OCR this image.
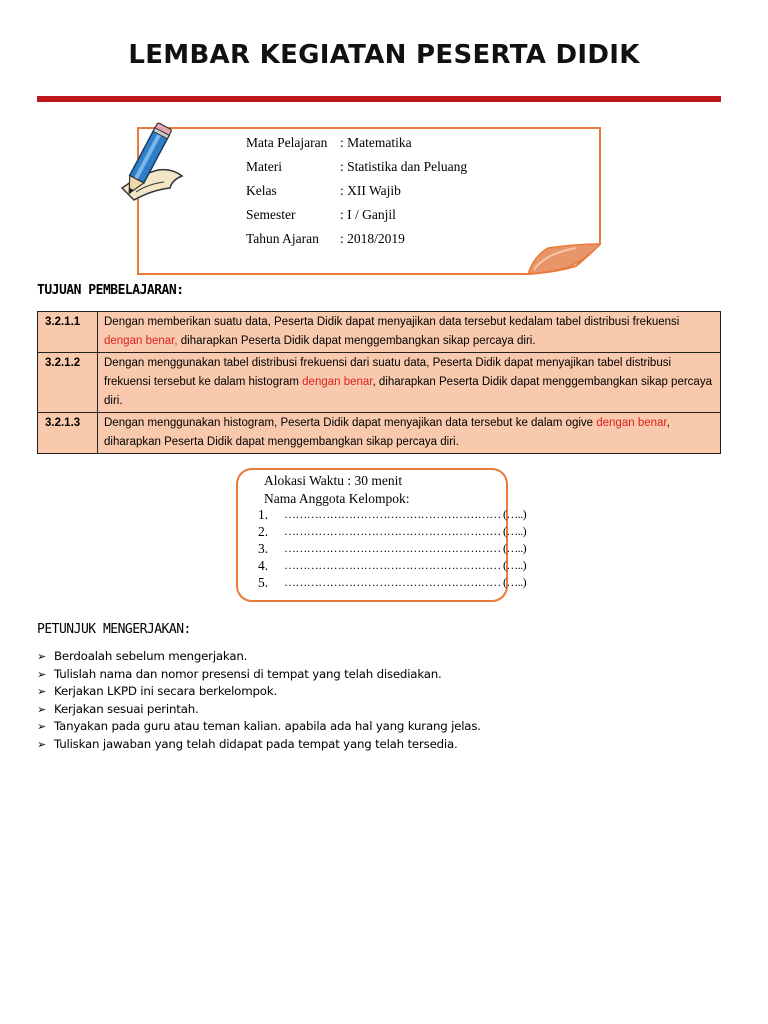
LEMBAR KEGIATAN PESERTA DIDIK
Mata Pelajaran : Matematika
Materi	: Statistika dan Peluang
Kelas	: XII Wajib
Semester	: I / Ganjil
Tahun Ajaran	: 2018/2019
TUJUAN PEMBELAJARAN:
3.2.1.1	Dengan memberikan suatu data, Peserta Didik dapat menyajikan data tersebut kedalam tabel distribusi frekuensi dengan benar, diharapkan Peserta Didik dapat menggembangkan sikap percaya diri.
3.2.1.2	Dengan menggunakan tabel distribusi frekuensi dari suatu data, Peserta Didik dapat menyajikan tabel distribusi frekuensi tersebut ke dalam histogram dengan benar, diharapkan Peserta Didik dapat menggembangkan sikap percaya diri.
3.2.1.3	Dengan menggunakan histogram, Peserta Didik dapat menyajikan data tersebut ke dalam ogive dengan benar, diharapkan Peserta Didik dapat menggembangkan sikap percaya diri.
Alokasi Waktu : 30 menit
Nama Anggota Kelompok:
1.	………………………………………………… (…..)
2.	………………………………………………… (…..)
3.	………………………………………………… (…..)
4.	………………………………………………… (…..)
5.	………………………………………………… (…..)
PETUNJUK MENGERJAKAN:
➢ Berdoalah sebelum mengerjakan.
➢ Tulislah nama dan nomor presensi di tempat yang telah disediakan.
➢ Kerjakan LKPD ini secara berkelompok.
➢ Kerjakan sesuai perintah.
➢ Tanyakan pada guru atau teman kalian. apabila ada hal yang kurang jelas.
➢ Tuliskan jawaban yang telah didapat pada tempat yang telah tersedia.
